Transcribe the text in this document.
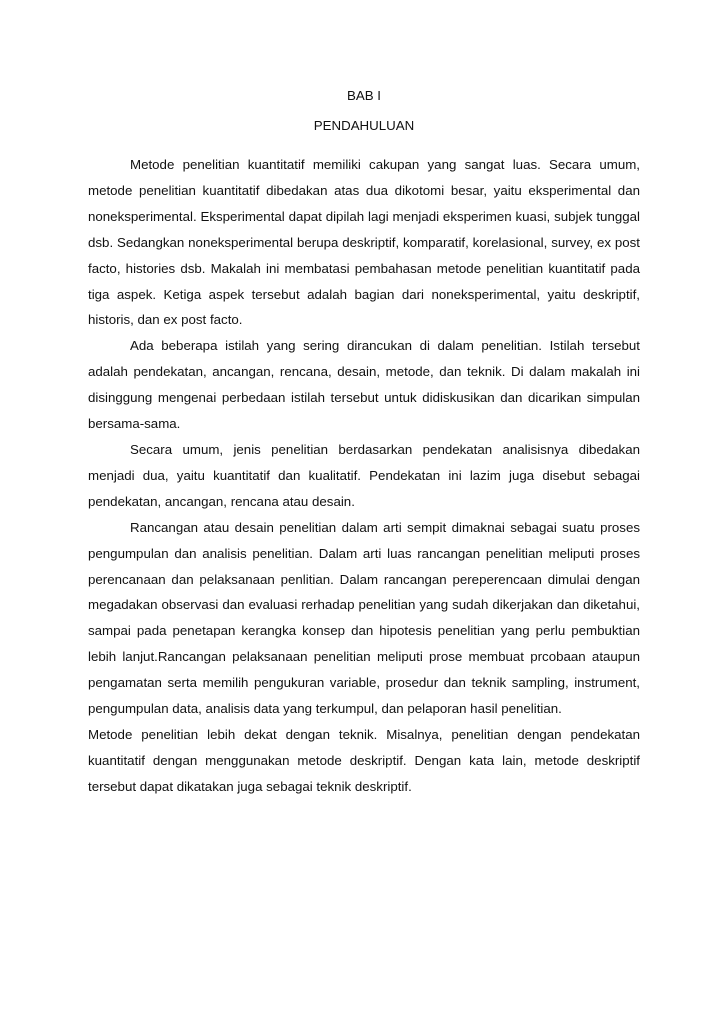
BAB I

PENDAHULUAN

Metode penelitian kuantitatif memiliki cakupan yang sangat luas. Secara umum, metode penelitian kuantitatif dibedakan atas dua dikotomi besar, yaitu eksperimental dan noneksperimental. Eksperimental dapat dipilah lagi menjadi eksperimen kuasi, subjek tunggal dsb. Sedangkan noneksperimental berupa deskriptif, komparatif, korelasional, survey, ex post facto, histories dsb. Makalah ini membatasi pembahasan metode penelitian kuantitatif pada tiga aspek. Ketiga aspek tersebut adalah bagian dari noneksperimental, yaitu deskriptif, historis, dan ex post facto.

Ada beberapa istilah yang sering dirancukan di dalam penelitian. Istilah tersebut adalah pendekatan, ancangan, rencana, desain, metode, dan teknik. Di dalam makalah ini disinggung mengenai perbedaan istilah tersebut untuk didiskusikan dan dicarikan simpulan bersama-sama.

Secara umum, jenis penelitian berdasarkan pendekatan analisisnya dibedakan menjadi dua, yaitu kuantitatif dan kualitatif. Pendekatan ini lazim juga disebut sebagai pendekatan, ancangan, rencana atau desain.

Rancangan atau desain penelitian dalam arti sempit dimaknai sebagai suatu proses pengumpulan dan analisis penelitian. Dalam arti luas rancangan penelitian meliputi proses perencanaan dan pelaksanaan penlitian. Dalam rancangan pereperencaan dimulai dengan megadakan observasi dan evaluasi rerhadap penelitian yang sudah dikerjakan dan diketahui, sampai pada penetapan kerangka konsep dan hipotesis penelitian yang perlu pembuktian lebih lanjut.Rancangan pelaksanaan penelitian meliputi prose membuat prcobaan ataupun pengamatan serta memilih pengukuran variable, prosedur dan teknik sampling, instrument, pengumpulan data, analisis data yang terkumpul, dan pelaporan hasil penelitian.

Metode penelitian lebih dekat dengan teknik. Misalnya, penelitian dengan pendekatan kuantitatif dengan menggunakan metode deskriptif. Dengan kata lain, metode deskriptif tersebut dapat dikatakan juga sebagai teknik deskriptif.
